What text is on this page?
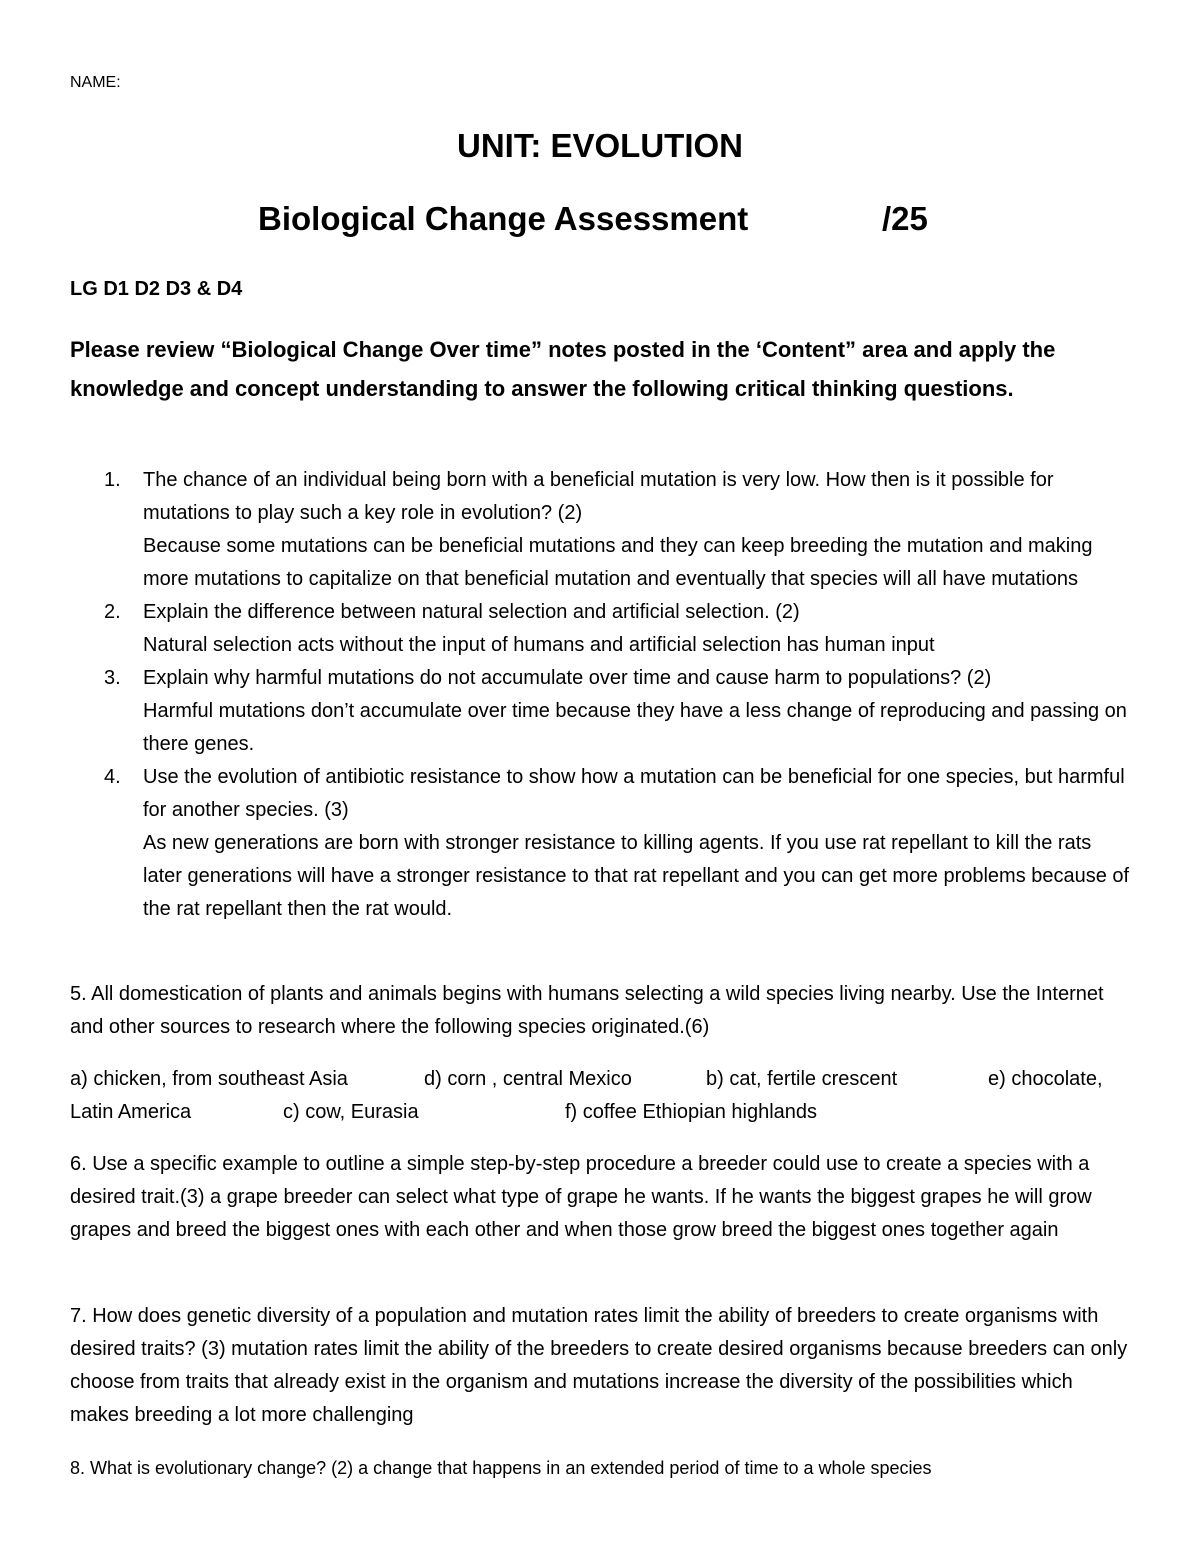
NAME:
UNIT: EVOLUTION
Biological Change Assessment	/25
LG D1 D2 D3 & D4
Please review “Biological Change Over time” notes posted in the ‘Content” area and apply the knowledge and concept understanding to answer the following critical thinking questions.
1. The chance of an individual being born with a beneficial mutation is very low. How then is it possible for mutations to play such a key role in evolution? (2)
Because some mutations can be beneficial mutations and they can keep breeding the mutation and making more mutations to capitalize on that beneficial mutation and eventually that species will all have mutations
2. Explain the difference between natural selection and artificial selection. (2)
Natural selection acts without the input of humans and artificial selection has human input
3. Explain why harmful mutations do not accumulate over time and cause harm to populations? (2)
Harmful mutations don’t accumulate over time because they have a less change of reproducing and passing on there genes.
4. Use the evolution of antibiotic resistance to show how a mutation can be beneficial for one species, but harmful for another species. (3)
As new generations are born with stronger resistance to killing agents. If you use rat repellant to kill the rats later generations will have a stronger resistance to that rat repellant and you can get more problems because of the rat repellant then the rat would.

5. All domestication of plants and animals begins with humans selecting a wild species living nearby. Use the Internet and other sources to research where the following species originated.(6)

a) chicken, from southeast Asia	d) corn , central Mexico	b) cat, fertile crescent	e) chocolate,
Latin America	c) cow, Eurasia	f) coffee Ethiopian highlands

6. Use a specific example to outline a simple step-by-step procedure a breeder could use to create a species with a desired trait.(3) a grape breeder can select what type of grape he wants. If he wants the biggest grapes he will grow grapes and breed the biggest ones with each other and when those grow breed the biggest ones together again

7. How does genetic diversity of a population and mutation rates limit the ability of breeders to create organisms with desired traits? (3) mutation rates limit the ability of the breeders to create desired organisms because breeders can only choose from traits that already exist in the organism and mutations increase the diversity of the possibilities which makes breeding a lot more challenging

8. What is evolutionary change? (2) a change that happens in an extended period of time to a whole species
